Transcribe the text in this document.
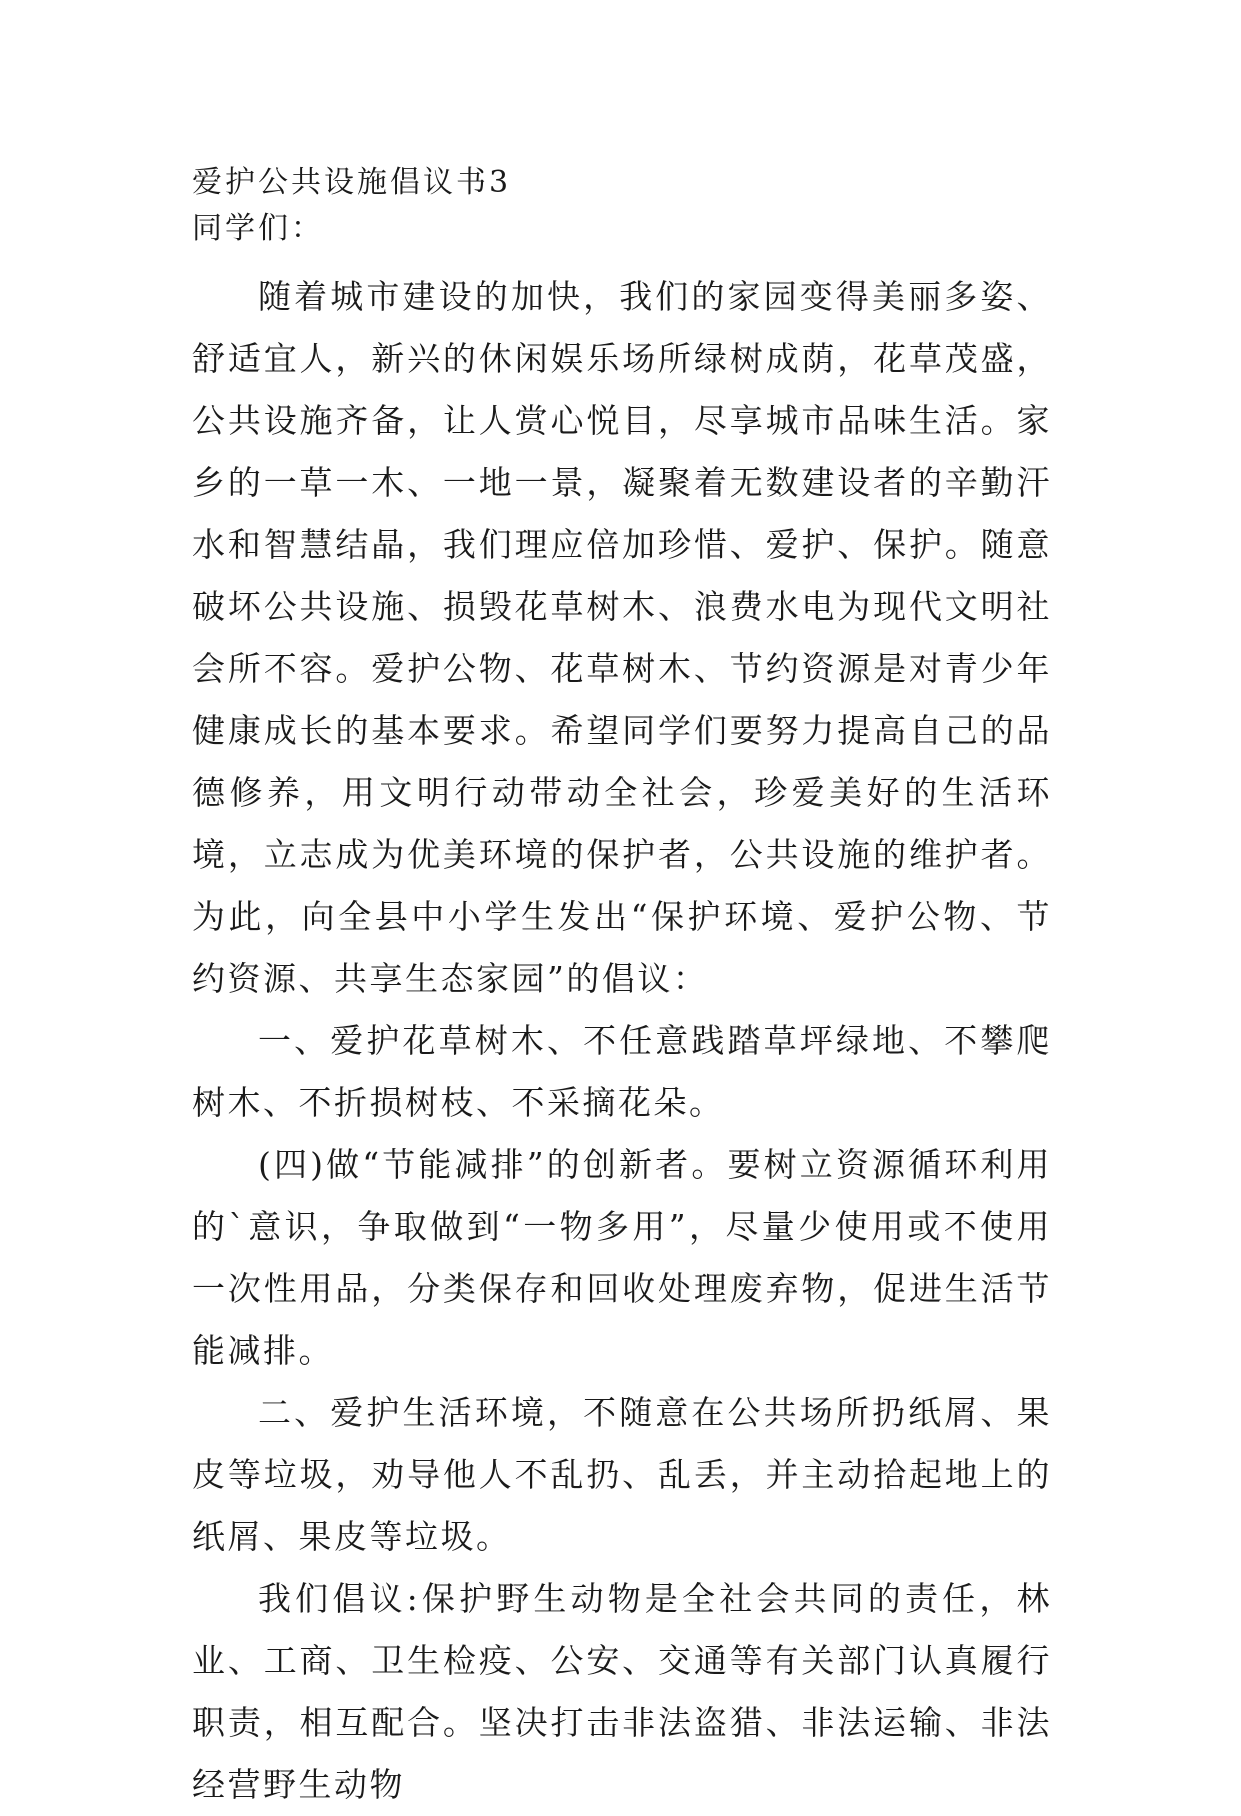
爱护公共设施倡议书3

同学们：

随着城市建设的加快，我们的家园变得美丽多姿、舒适宜人，新兴的休闲娱乐场所绿树成荫，花草茂盛，公共设施齐备，让人赏心悦目，尽享城市品味生活。家乡的一草一木、一地一景，凝聚着无数建设者的辛勤汗水和智慧结晶，我们理应倍加珍惜、爱护、保护。随意破坏公共设施、损毁花草树木、浪费水电为现代文明社会所不容。爱护公物、花草树木、节约资源是对青少年健康成长的基本要求。希望同学们要努力提高自己的品德修养，用文明行动带动全社会，珍爱美好的生活环境，立志成为优美环境的保护者，公共设施的维护者。为此，向全县中小学生发出“保护环境、爱护公物、节约资源、共享生态家园”的倡议：

一、爱护花草树木、不任意践踏草坪绿地、不攀爬树木、不折损树枝、不采摘花朵。

(四)做“节能减排”的创新者。要树立资源循环利用的`意识，争取做到“一物多用”，尽量少使用或不使用一次性用品，分类保存和回收处理废弃物，促进生活节能减排。

二、爱护生活环境，不随意在公共场所扔纸屑、果皮等垃圾，劝导他人不乱扔、乱丢，并主动拾起地上的纸屑、果皮等垃圾。

我们倡议:保护野生动物是全社会共同的责任，林业、工商、卫生检疫、公安、交通等有关部门认真履行职责，相互配合。坚决打击非法盗猎、非法运输、非法经营野生动物
